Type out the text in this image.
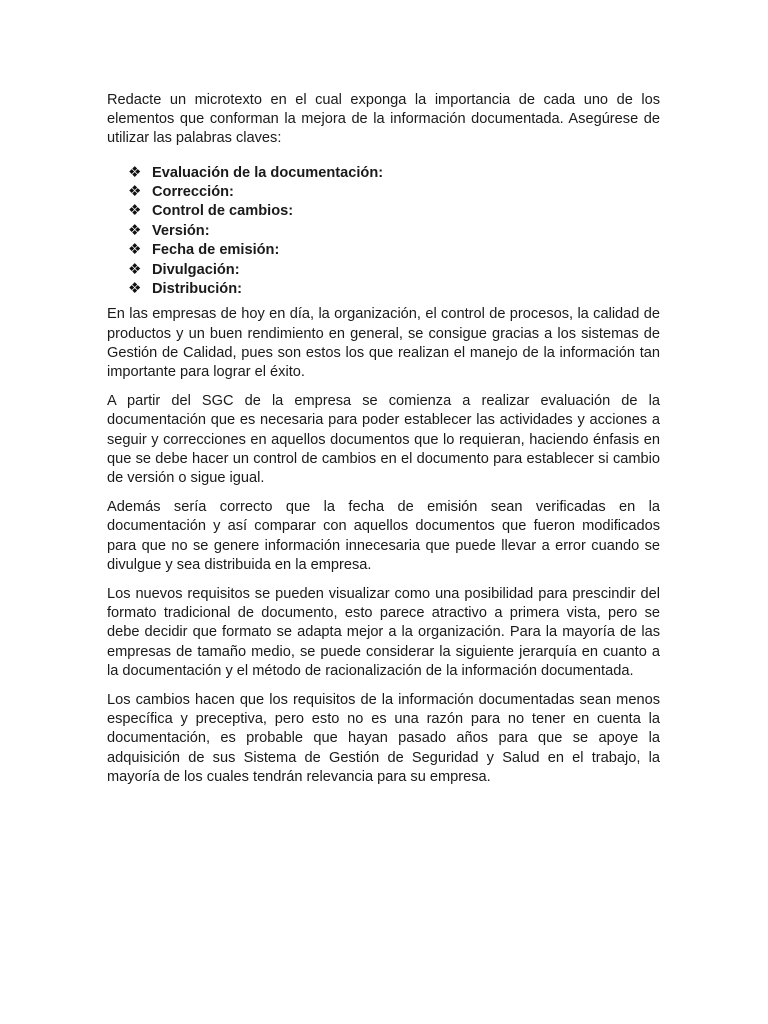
Redacte un microtexto en el cual exponga la importancia de cada uno de los elementos que conforman la mejora de la información documentada. Asegúrese de utilizar las palabras claves:

❖ Evaluación de la documentación:
❖ Corrección:
❖ Control de cambios:
❖ Versión:
❖ Fecha de emisión:
❖ Divulgación:
❖ Distribución:

En las empresas de hoy en día, la organización, el control de procesos, la calidad de productos y un buen rendimiento en general, se consigue gracias a los sistemas de Gestión de Calidad, pues son estos los que realizan el manejo de la información tan importante para lograr el éxito.

A partir del SGC de la empresa se comienza a realizar evaluación de la documentación que es necesaria para poder establecer las actividades y acciones a seguir y correcciones en aquellos documentos que lo requieran, haciendo énfasis en que se debe hacer un control de cambios en el documento para establecer si cambio de versión o sigue igual.

Además sería correcto que la fecha de emisión sean verificadas en la documentación y así comparar con aquellos documentos que fueron modificados para que no se genere información innecesaria que puede llevar a error cuando se divulgue y sea distribuida en la empresa.

Los nuevos requisitos se pueden visualizar como una posibilidad para prescindir del formato tradicional de documento, esto parece atractivo a primera vista, pero se debe decidir que formato se adapta mejor a la organización. Para la mayoría de las empresas de tamaño medio, se puede considerar la siguiente jerarquía en cuanto a la documentación y el método de racionalización de la información documentada.

Los cambios hacen que los requisitos de la información documentadas sean menos específica y preceptiva, pero esto no es una razón para no tener en cuenta la documentación, es probable que hayan pasado años para que se apoye la adquisición de sus Sistema de Gestión de Seguridad y Salud en el trabajo, la mayoría de los cuales tendrán relevancia para su empresa.
